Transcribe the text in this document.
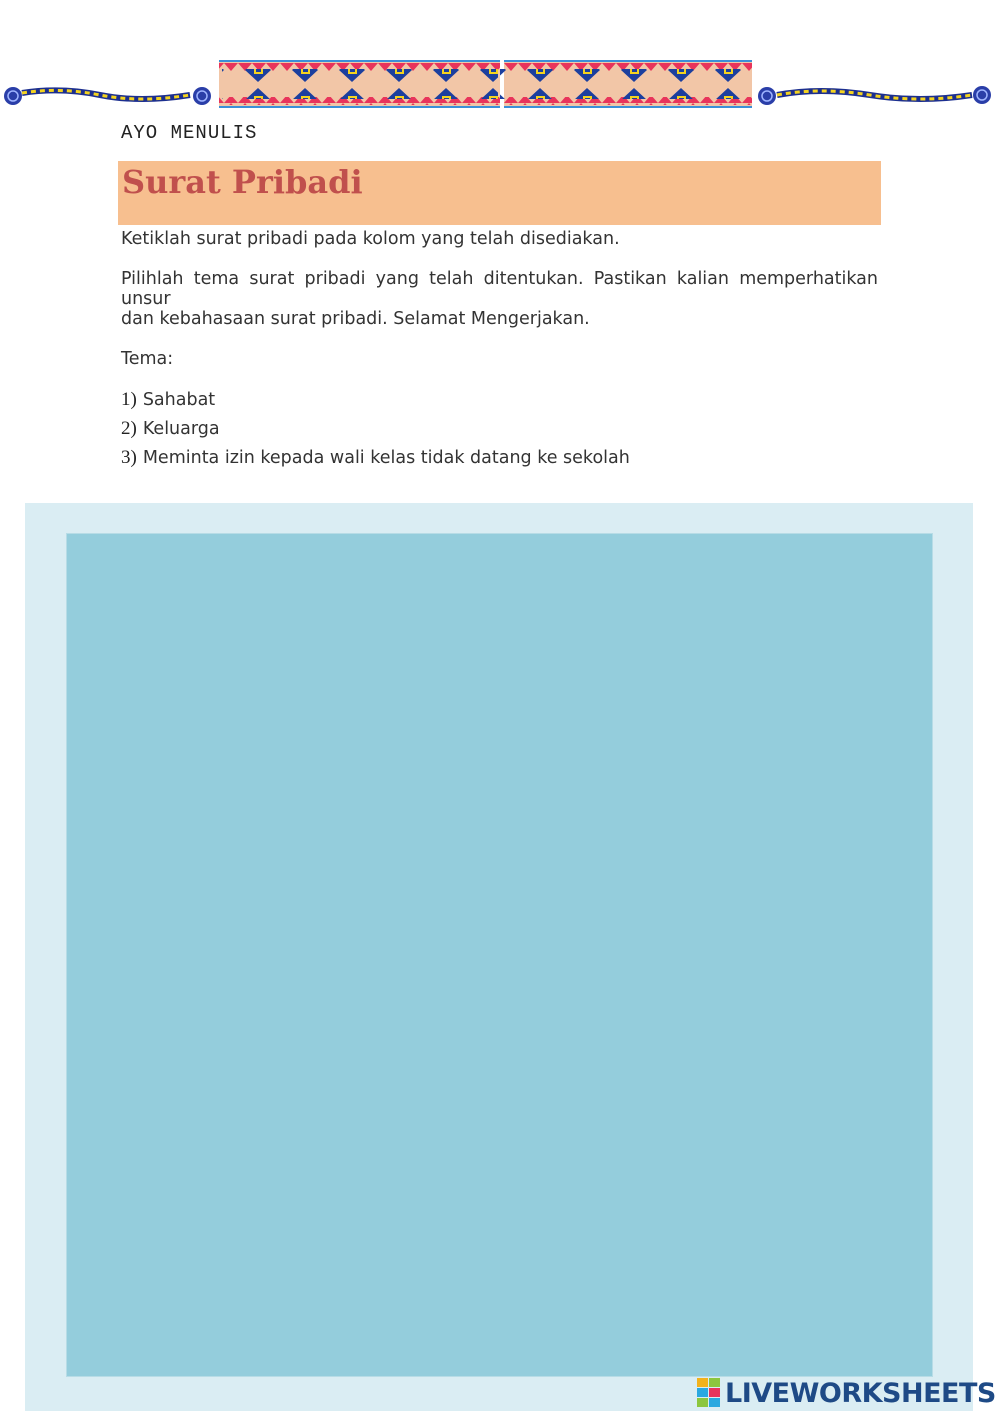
AYO MENULIS
Surat Pribadi
Ketiklah surat pribadi pada kolom yang telah disediakan.
Pilihlah tema surat pribadi yang telah ditentukan. Pastikan kalian memperhatikan unsur
dan kebahasaan surat pribadi. Selamat Mengerjakan.
Tema:
1) Sahabat
2) Keluarga
3) Meminta izin kepada wali kelas tidak datang ke sekolah
LIVEWORKSHEETS
